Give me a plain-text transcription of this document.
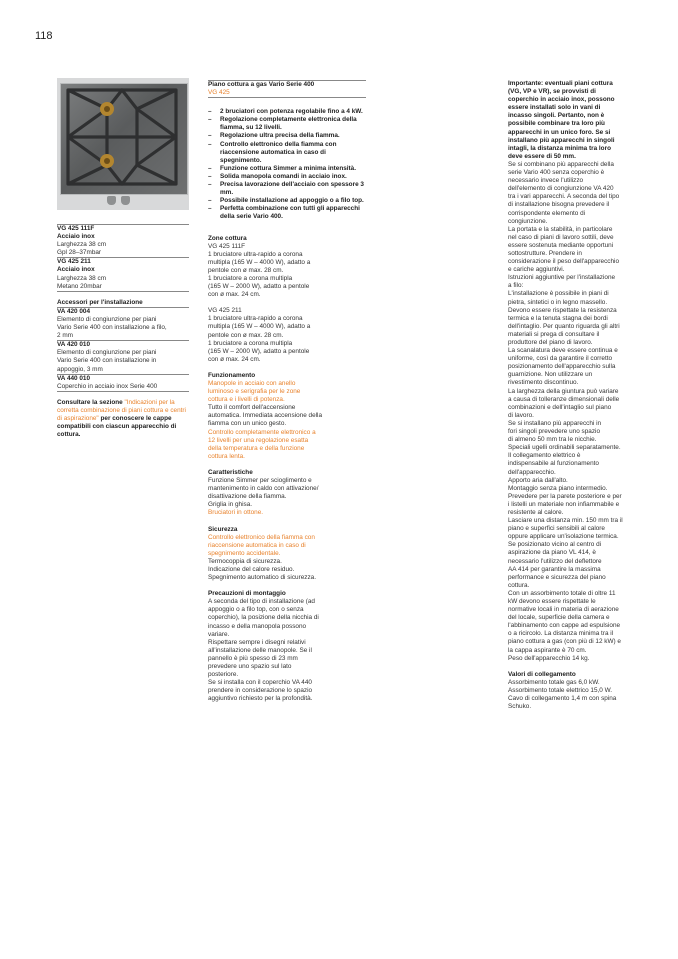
118
VG 425 111F
Acciaio inox
Larghezza 38 cm
Gpl 28–37mbar
VG 425 211
Acciaio inox
Larghezza 38 cm
Metano 20mbar
Accessori per l'installazione
VA 420 004
Elemento di congiunzione per piani
Vario Serie 400 con installazione a filo,
2 mm
VA 420 010
Elemento di congiunzione per piani
Vario Serie 400 con installazione in
appoggio, 3 mm
VA 440 010
Coperchio in acciaio inox Serie 400
Consultare la sezione "Indicazioni per la corretta combinazione di piani cottura e centri di aspirazione" per conoscere le cappe compatibili con ciascun apparecchio di cottura.
Piano cottura a gas Vario Serie 400
VG 425
– 2 bruciatori con potenza regolabile fino a 4 kW.
– Regolazione completamente elettronica della fiamma, su 12 livelli.
– Regolazione ultra precisa della fiamma.
– Controllo elettronico della fiamma con riaccensione automatica in caso di spegnimento.
– Funzione cottura Simmer a minima intensità.
– Solida manopola comandi in acciaio inox.
– Precisa lavorazione dell'acciaio con spessore 3 mm.
– Possibile installazione ad appoggio o a filo top.
– Perfetta combinazione con tutti gli apparecchi della serie Vario 400.
Zone cottura
VG 425 111F
1 bruciatore ultra-rapido a corona
multipla (165 W – 4000 W), adatto a
pentole con ø max. 28 cm.
1 bruciatore a corona multipla
(165 W – 2000 W), adatto a pentole
con ø max. 24 cm.
VG 425 211
1 bruciatore ultra-rapido a corona
multipla (165 W – 4000 W), adatto a
pentole con ø max. 28 cm.
1 bruciatore a corona multipla
(165 W – 2000 W), adatto a pentole
con ø max. 24 cm.
Funzionamento
Manopole in acciaio con anello
luminoso e serigrafia per le zone
cottura e i livelli di potenza.
Tutto il comfort dell'accensione
automatica. Immediata accensione della
fiamma con un unico gesto.
Controllo completamente elettronico a
12 livelli per una regolazione esatta
della temperatura e della funzione
cottura lenta.
Caratteristiche
Funzione Simmer per scioglimento e
mantenimento in caldo con attivazione/
disattivazione della fiamma.
Griglia in ghisa.
Bruciatori in ottone.
Sicurezza
Controllo elettronico della fiamma con
riaccensione automatica in caso di
spegnimento accidentale.
Termocoppia di sicurezza.
Indicazione del calore residuo.
Spegnimento automatico di sicurezza.
Precauzioni di montaggio
A seconda del tipo di installazione (ad
appoggio o a filo top, con o senza
coperchio), la posizione della nicchia di
incasso e della manopola possono
variare.
Rispettare sempre i disegni relativi
all'installazione delle manopole. Se il
pannello è più spesso di 23 mm
prevedere uno spazio sul lato
posteriore.
Se si installa con il coperchio VA 440
prendere in considerazione lo spazio
aggiuntivo richiesto per la profondità.
Importante: eventuali piani cottura
(VG, VP e VR), se provvisti di
coperchio in acciaio inox, possono
essere installati solo in vani di
incasso singoli. Pertanto, non è
possibile combinare tra loro più
apparecchi in un unico foro. Se si
installano più apparecchi in singoli
intagli, la distanza minima tra loro
deve essere di 50 mm.
Se si combinano più apparecchi della
serie Vario 400 senza coperchio è
necessario invece l'utilizzo
dell'elemento di congiunzione VA 420
tra i vari apparecchi. A seconda del tipo
di installazione bisogna prevedere il
corrispondente elemento di
congiunzione.
La portata e la stabilità, in particolare
nel caso di piani di lavoro sottili, deve
essere sostenuta mediante opportuni
sottostrutture. Prendere in
considerazione il peso dell'apparecchio
e cariche aggiuntivi.
Istruzioni aggiuntive per l'installazione
a filo:
L'installazione è possibile in piani di
pietra, sintetici o in legno massello.
Devono essere rispettate la resistenza
termica e la tenuta stagna dei bordi
dell'intaglio. Per quanto riguarda gli altri
materiali si prega di consultare il
produttore del piano di lavoro.
La scanalatura deve essere continua e
uniforme, così da garantire il corretto
posizionamento dell'apparecchio sulla
guarnizione. Non utilizzare un
rivestimento discontinuo.
La larghezza della giuntura può variare
a causa di tolleranze dimensionali delle
combinazioni e dell'intaglio sul piano
di lavoro.
Se si installano più apparecchi in
fori singoli prevedere uno spazio
di almeno 50 mm tra le nicchie.
Speciali ugelli ordinabili separatamente.
Il collegamento elettrico è
indispensabile al funzionamento
dell'apparecchio.
Apporto aria dall'alto.
Montaggio senza piano intermedio.
Prevedere per la parete posteriore e per
i listelli un materiale non infiammabile e
resistente al calore.
Lasciare una distanza min. 150 mm tra il
piano e superfici sensibili al calore
oppure applicare un'isolazione termica.
Se posizionato vicino al centro di
aspirazione da piano VL 414, è
necessario l'utilizzo del deflettore
AA 414 per garantire la massima
performance e sicurezza del piano
cottura.
Con un assorbimento totale di oltre 11
kW devono essere rispettate le
normative locali in materia di aerazione
del locale, superficie della camera e
l'abbinamento con cappe ad espulsione
o a ricircolo. La distanza minima tra il
piano cottura a gas (con più di 12 kW) e
la cappa aspirante è 70 cm.
Peso dell'apparecchio 14 kg.
Valori di collegamento
Assorbimento totale gas 6,0 kW.
Assorbimento totale elettrico 15,0 W.
Cavo di collegamento 1,4 m con spina
Schuko.
